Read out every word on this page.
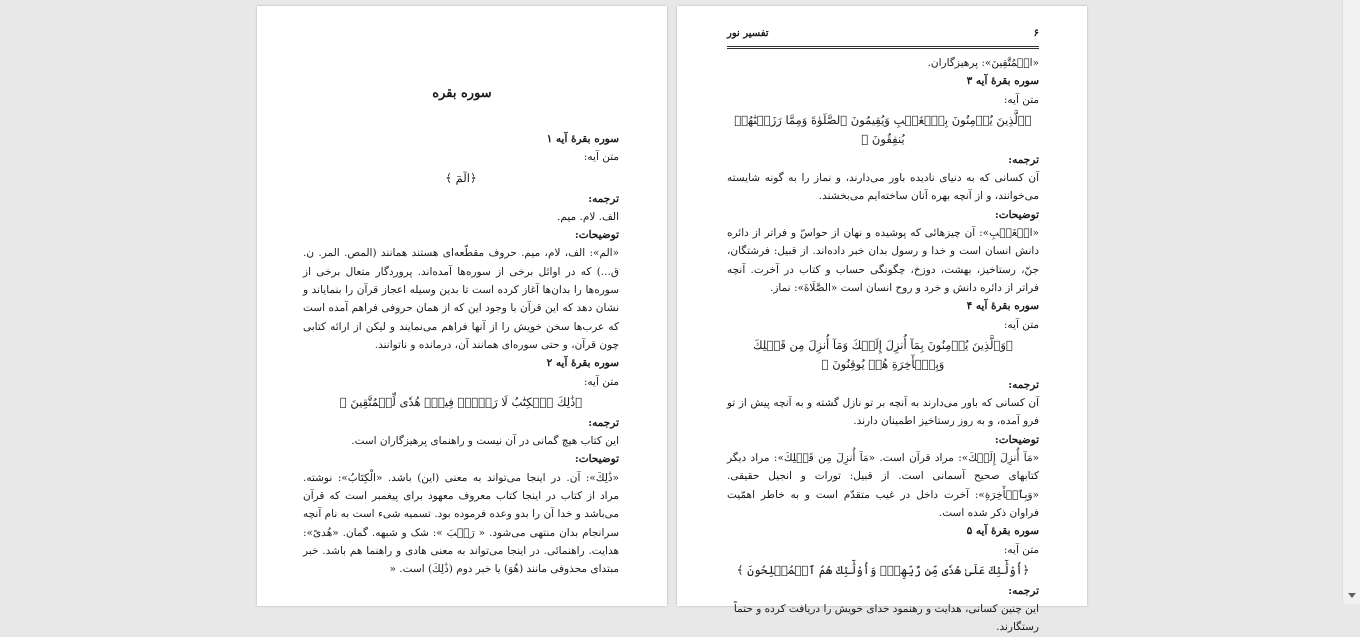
سوره بقره
سوره بقرۀ آیه ۱
متن آیه:
﴿الٓمٓ ﴾
ترجمه:
الف. لام. میم.
توضیحات:
«الم»: الف، لام، میم. حروف مقطّعه‌ای هستند همانند (المص. المر. ن. ق...) که در اوائل برخی از سوره‌ها آمده‌اند. پروردگار متعال برخی از سوره‌ها را بدان‌ها آغاز کرده است تا بدین وسیله اعجاز قرآن را بنمایاند و نشان دهد که این قرآن با وجود این که از همان حروفی فراهم آمده است که عرب‌ها سخن خویش را از آنها فراهم می‌نمایند و لیکن از ارائه کتابی چون قرآن، و حتی سوره‌ای همانند آن، درمانده و ناتوانند.
سوره بقرۀ آیه ۲
متن آیه:
﴿ذَٰلِكَ ٱلۡكِتَٰبُ لَا رَيۡبَۛ فِيهِۛ هُدٗى لِّلۡمُتَّقِينَ ﴾
ترجمه:
این کتاب هیچ گمانی در آن نیست و راهنمای پرهیزگاران است.
توضیحات:
«ذَٰلِكَ»: آن. در اینجا می‌تواند به معنی (این) باشد. «الْكِتَابُ»: نوشته. مراد از کتاب در اینجا کتاب معروف معهود برای پیغمبر است که قرآن می‌باشد و خدا آن را بدو وعده فرموده بود. تسمیه شیء است به نام آنچه سرانجام بدان منتهی می‌شود. « رَيۡبَ »: شک و شبهه. گمان. «هُدىً»: هدایت. راهنمائی. در اینجا می‌تواند به معنی هادی و راهنما هم باشد. خبر مبتدای محذوفی مانند (هُوَ) یا خبر دوم (ذَٰلِكَ) است. «
۶
تفسیر نور
«الۡمُتَّقِينَ»: پرهیزگاران.
سوره بقرۀ آیه ۳
متن آیه:
﴿ٱلَّذِينَ يُؤۡمِنُونَ بِٱلۡغَيۡبِ وَيُقِيمُونَ ٱلصَّلَوٰةَ وَمِمَّا رَزَقۡنَٰهُمۡ يُنفِقُونَ ﴾
ترجمه:
آن کسانی که به دنیای نادیده باور می‌دارند، و نماز را به گونه شایسته می‌خوانند، و از آنچه بهره آنان ساخته‌ایم می‌بخشند.
توضیحات:
«الۡغَيۡبِ»: آن چیزهائی که پوشیده و نهان از حواسّ و فراتر از دائره دانش انسان است و خدا و رسول بدان خبر داده‌اند. از قبیل: فرشتگان، جنّ، رستاخیز، بهشت، دوزخ، چگونگی حساب و کتاب در آخرت. آنچه فراتر از دائره دانش و خرد و روح انسان است «الصَّلَاةَ»: نماز.
سوره بقرۀ آیه ۴
متن آیه:
﴿وَٱلَّذِينَ يُؤۡمِنُونَ بِمَآ أُنزِلَ إِلَيۡكَ وَمَآ أُنزِلَ مِن قَبۡلِكَ وَبِٱلۡأٓخِرَةِ هُمۡ يُوقِنُونَ ﴾
ترجمه:
آن کسانی که باور می‌دارند به آنچه بر تو نازل گشته و به آنچه پیش از تو فرو آمده، و به روز رستاخیز اطمینان دارند.
توضیحات:
«مَآ أُنزِلَ إِلَيۡكَ»: مراد قرآن است. «مَآ أُنزِلَ مِن قَبۡلِكَ»: مراد دیگر کتابهای صحیح آسمانی است. از قبیل: تورات و انجیل حقیقی. «وَبِٱلۡأٓخِرَةِ»: آخرت داخل در غیب متقدّم است و به خاطر اهمّیت فراوان ذکر شده است.
سوره بقرۀ آیه ۵
متن آیه:
﴿أُوْلَٰٓئِكَ عَلَىٰ هُدٗى مِّن رَّبِّهِمۡۖ وَأُوْلَٰٓئِكَ هُمُ ٱلۡمُفۡلِحُونَ ﴾
ترجمه:
این چنین کسانی، هدایت و رهنمود خدای خویش را دریافت کرده و حتماً رستگارند.
